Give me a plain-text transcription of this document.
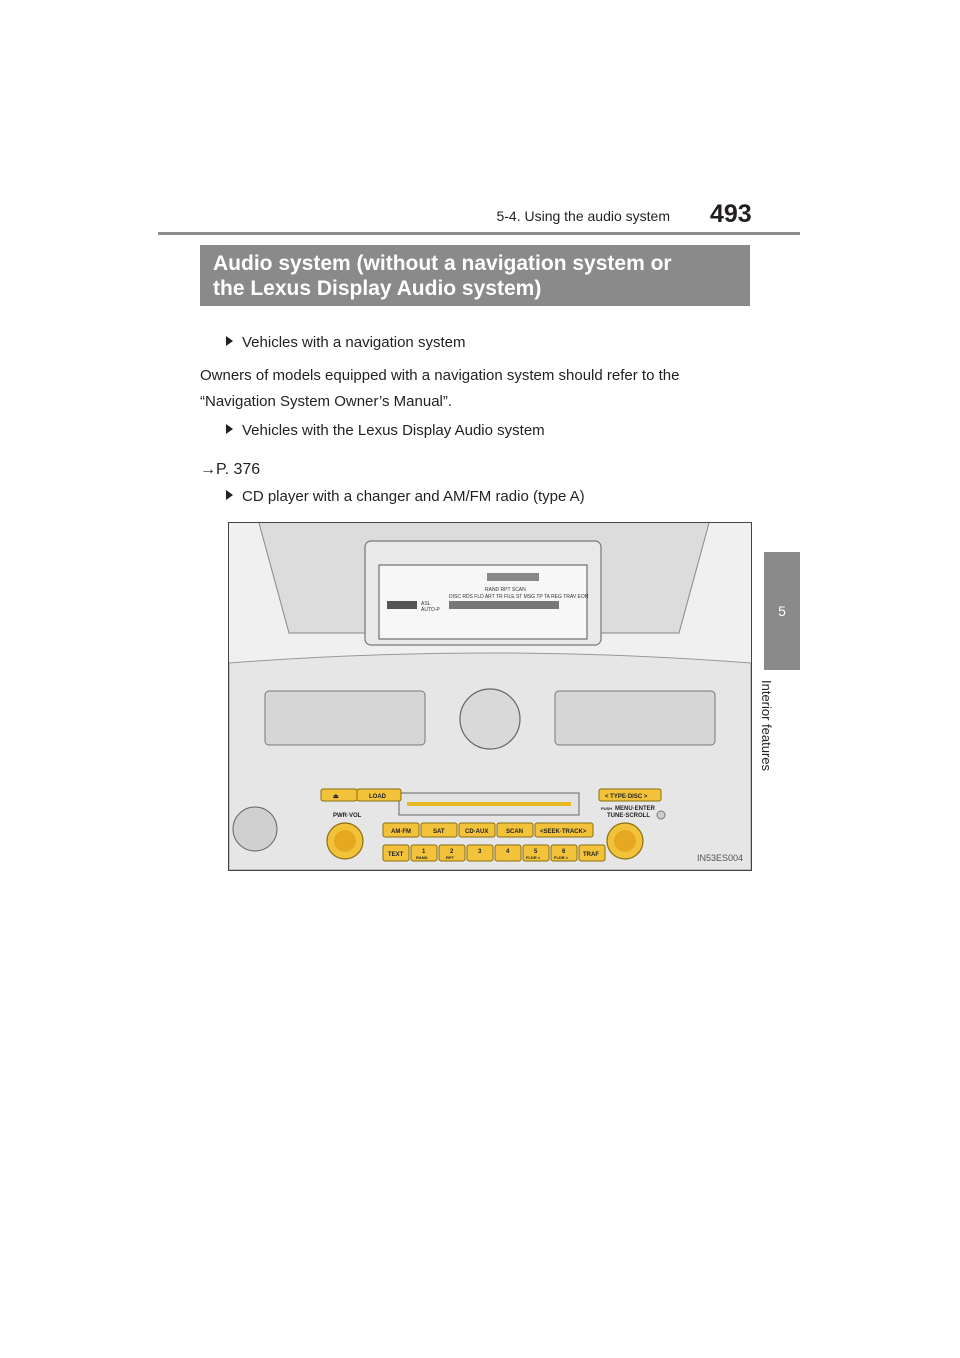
5-4. Using the audio system 493
Audio system (without a navigation system or
the Lexus Display Audio system)
Vehicles with a navigation system
Owners of models equipped with a navigation system should refer to the
“Navigation System Owner’s Manual”.
Vehicles with the Lexus Display Audio system
→P. 376
CD player with a changer and AM/FM radio (type A)
5
Interior features
RAND RPT SCAN
DISC RDS FLD ART TR FILE ST MSG TP TA REG TRAV EON
ASL
AUTO-P
⏏	LOAD	< TYPE·DISC >
PWR·VOL
PUSH MENU·ENTER
TUNE·SCROLL
AM·FM	SAT	CD·AUX	SCAN	<SEEK·TRACK>
TEXT	1
RAND
2
RPT
3	4	5
FLDR <
6
FLDR > TRAF	IN53ES004
